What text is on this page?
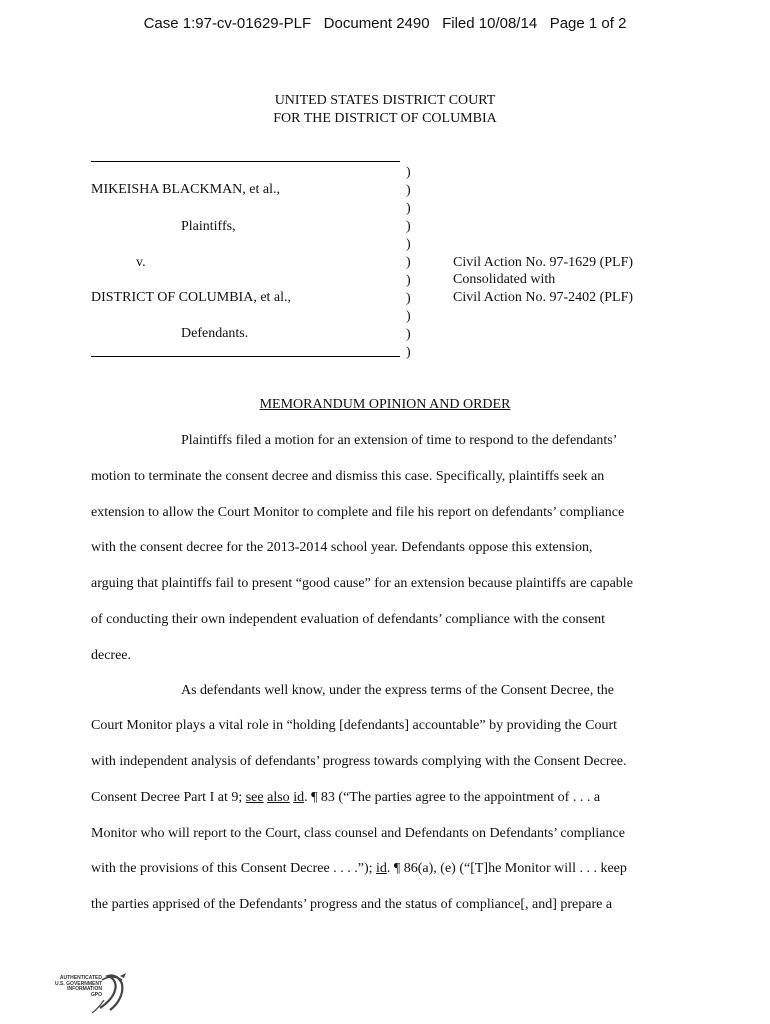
Case 1:97-cv-01629-PLF Document 2490 Filed 10/08/14 Page 1 of 2
UNITED STATES DISTRICT COURT
FOR THE DISTRICT OF COLUMBIA
)
)
)
)
)
)
)
)
)
)
)
MIKEISHA BLACKMAN, et al.,
Plaintiffs,
v.
DISTRICT OF COLUMBIA, et al.,
Defendants.
Civil Action No. 97-1629 (PLF)
Consolidated with
Civil Action No. 97-2402 (PLF)
MEMORANDUM OPINION AND ORDER
Plaintiffs filed a motion for an extension of time to respond to the defendants’
motion to terminate the consent decree and dismiss this case. Specifically, plaintiffs seek an
extension to allow the Court Monitor to complete and file his report on defendants’ compliance
with the consent decree for the 2013-2014 school year. Defendants oppose this extension,
arguing that plaintiffs fail to present “good cause” for an extension because plaintiffs are capable
of conducting their own independent evaluation of defendants’ compliance with the consent
decree.
As defendants well know, under the express terms of the Consent Decree, the
Court Monitor plays a vital role in “holding [defendants] accountable” by providing the Court
with independent analysis of defendants’ progress towards complying with the Consent Decree.
Consent Decree Part I at 9; see also id. ¶ 83 (“The parties agree to the appointment of . . . a
Monitor who will report to the Court, class counsel and Defendants on Defendants’ compliance
with the provisions of this Consent Decree . . . .”); id. ¶ 86(a), (e) (“[T]he Monitor will . . . keep
the parties apprised of the Defendants’ progress and the status of compliance[, and] prepare a
AUTHENTICATED
U.S. GOVERNMENT
INFORMATION
GPO
